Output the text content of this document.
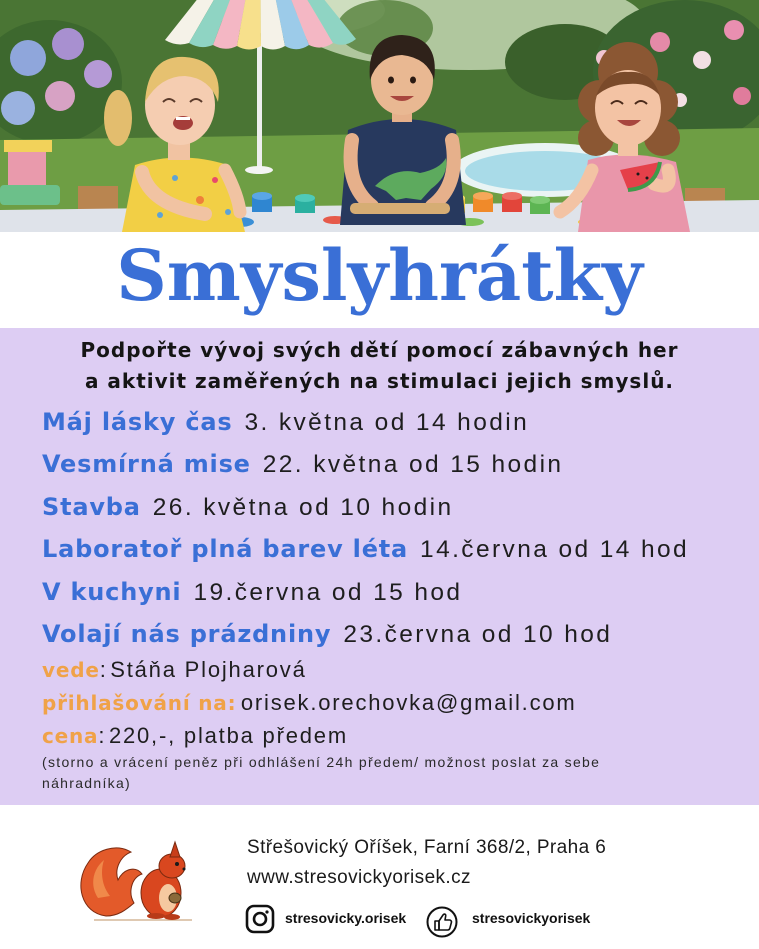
Smyslyhrátky
Podpořte vývoj svých dětí pomocí zábavných her
a aktivit zaměřených na stimulaci jejich smyslů.
Máj lásky čas 3. května od 14 hodin
Vesmírná mise 22. května od 15 hodin
Stavba 26. května od 10 hodin
Laboratoř plná barev léta 14.června od 14 hod
V kuchyni 19.června od 15 hod
Volají nás prázdniny 23.června od 10 hod
vede: Stáňa Plojharová
přihlašování na: orisek.orechovka@gmail.com
cena: 220,-, platba předem
(storno a vrácení peněz při odhlášení 24h předem/ možnost poslat za sebe
náhradníka)
Střešovický Oříšek, Farní 368/2, Praha 6
www.stresovickyorisek.cz
stresovicky.orisek	stresovickyorisek
